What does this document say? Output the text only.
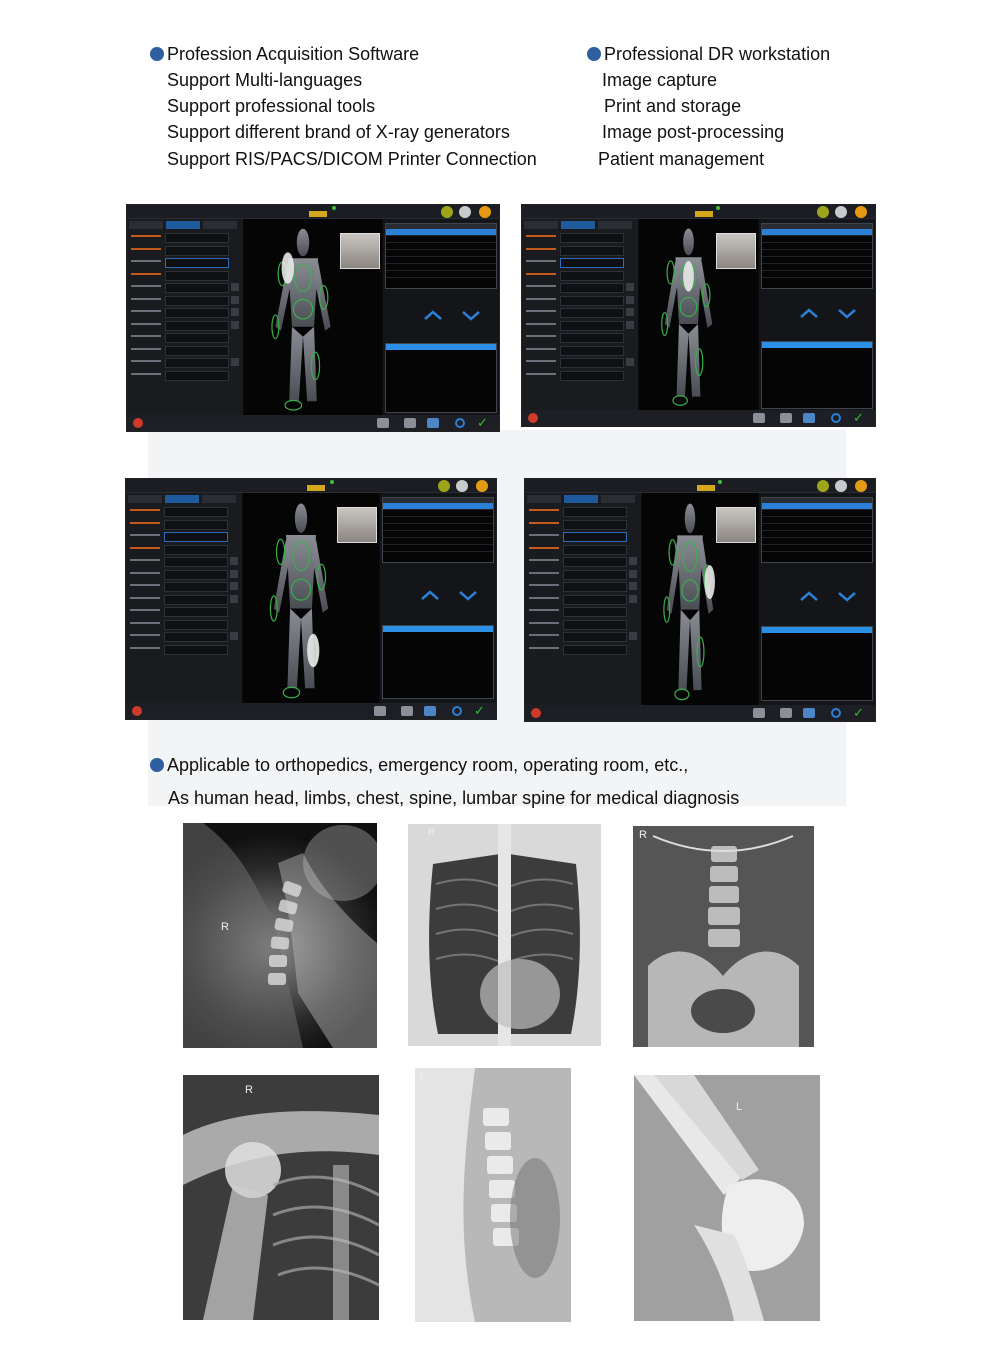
Profession Acquisition Software
Support Multi-languages
Support professional tools
Support different brand of X-ray generators
Support RIS/PACS/DICOM Printer Connection
Professional DR workstation
Image capture
Print and storage
Image post-processing
Patient management
✓	✓
✓	✓
Applicable to orthopedics, emergency room, operating room, etc.,
As human head, limbs, chest, spine, lumbar spine for medical diagnosis
R
R	R
R
L
L
